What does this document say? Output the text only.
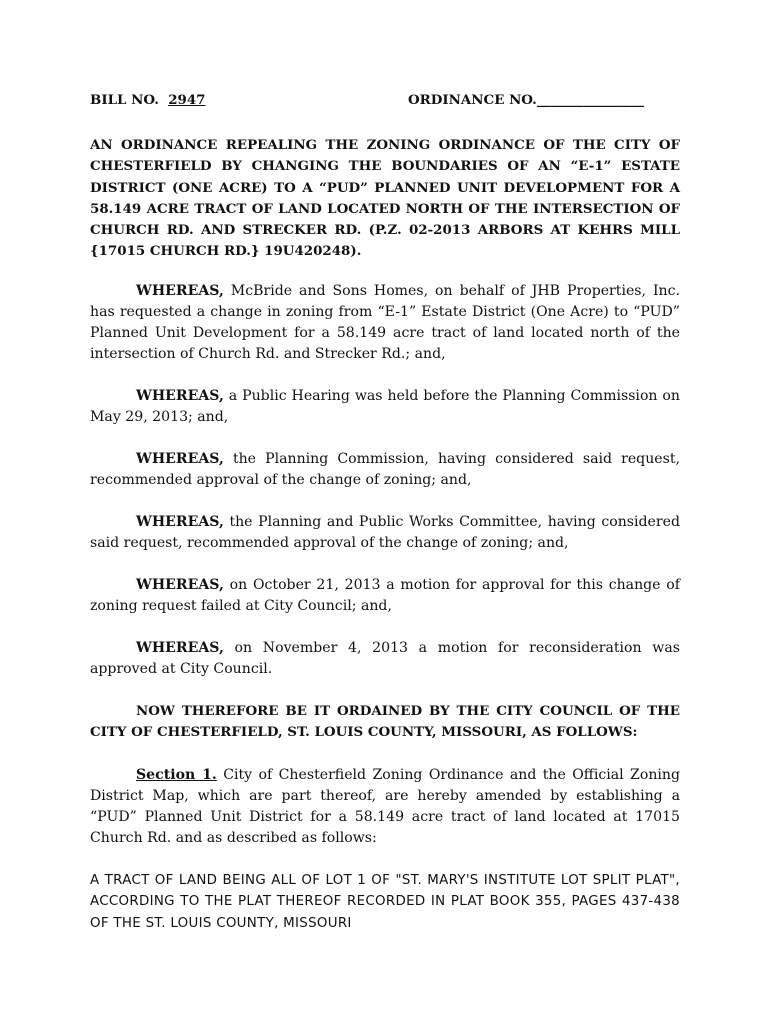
BILL NO. 2947	ORDINANCE NO.________________
AN ORDINANCE REPEALING THE ZONING ORDINANCE OF THE CITY OF CHESTERFIELD BY CHANGING THE BOUNDARIES OF AN “E-1” ESTATE DISTRICT (ONE ACRE) TO A “PUD” PLANNED UNIT DEVELOPMENT FOR A 58.149 ACRE TRACT OF LAND LOCATED NORTH OF THE INTERSECTION OF CHURCH RD. AND STRECKER RD. (P.Z. 02-2013 ARBORS AT KEHRS MILL {17015 CHURCH RD.} 19U420248).

WHEREAS, McBride and Sons Homes, on behalf of JHB Properties, Inc. has requested a change in zoning from “E-1” Estate District (One Acre) to “PUD” Planned Unit Development for a 58.149 acre tract of land located north of the intersection of Church Rd. and Strecker Rd.; and,

WHEREAS, a Public Hearing was held before the Planning Commission on May 29, 2013; and,

WHEREAS, the Planning Commission, having considered said request, recommended approval of the change of zoning; and,

WHEREAS, the Planning and Public Works Committee, having considered said request, recommended approval of the change of zoning; and,

WHEREAS, on October 21, 2013 a motion for approval for this change of zoning request failed at City Council; and,

WHEREAS, on November 4, 2013 a motion for reconsideration was approved at City Council.

NOW THEREFORE BE IT ORDAINED BY THE CITY COUNCIL OF THE CITY OF CHESTERFIELD, ST. LOUIS COUNTY, MISSOURI, AS FOLLOWS:

Section 1. City of Chesterfield Zoning Ordinance and the Official Zoning District Map, which are part thereof, are hereby amended by establishing a “PUD” Planned Unit District for a 58.149 acre tract of land located at 17015 Church Rd. and as described as follows:

A TRACT OF LAND BEING ALL OF LOT 1 OF "ST. MARY'S INSTITUTE LOT SPLIT PLAT", ACCORDING TO THE PLAT THEREOF RECORDED IN PLAT BOOK 355, PAGES 437-438 OF THE ST. LOUIS COUNTY, MISSOURI
